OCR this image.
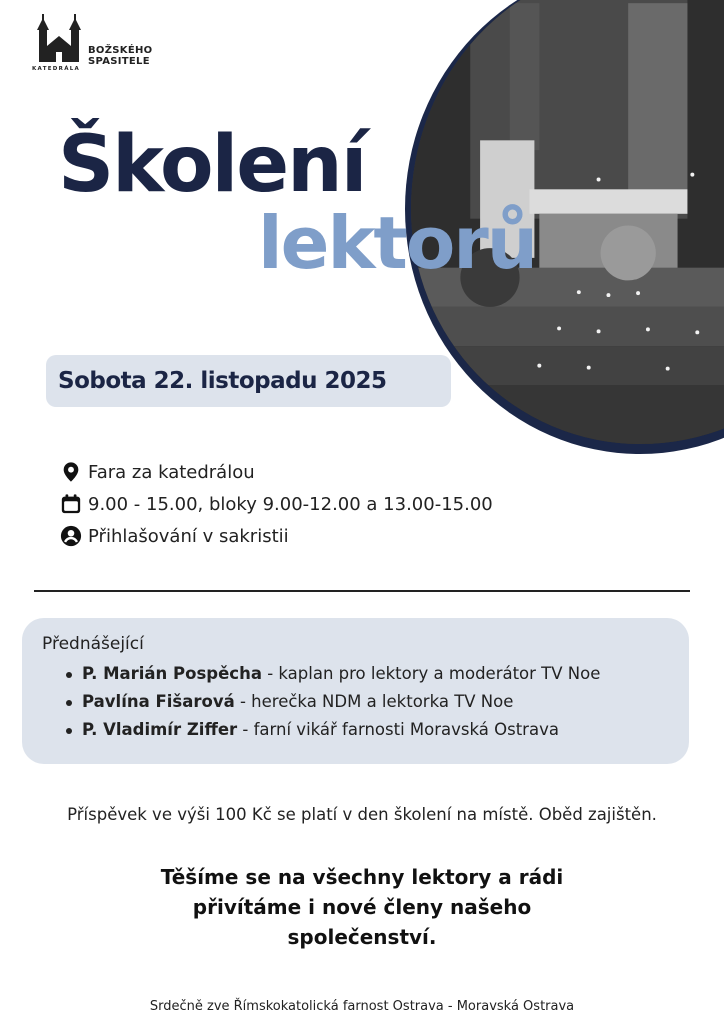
BOŽSKÉHO
SPASITELE
KATEDRÁLA
Školení
lektorů
Sobota 22. listopadu 2025
Fara za katedrálou
9.00 - 15.00, bloky 9.00-12.00 a 13.00-15.00
Přihlašování v sakristii
Přednášející
P. Marián Pospěcha - kaplan pro lektory a moderátor TV Noe
Pavlína Fišarová - herečka NDM a lektorka TV Noe
P. Vladimír Ziffer - farní vikář farnosti Moravská Ostrava
Příspěvek ve výši 100 Kč se platí v den školení na místě. Oběd zajištěn.
Těšíme se na všechny lektory a rádi
přivítáme i nové členy našeho
společenství.
Srdečně zve Římskokatolická farnost Ostrava - Moravská Ostrava
